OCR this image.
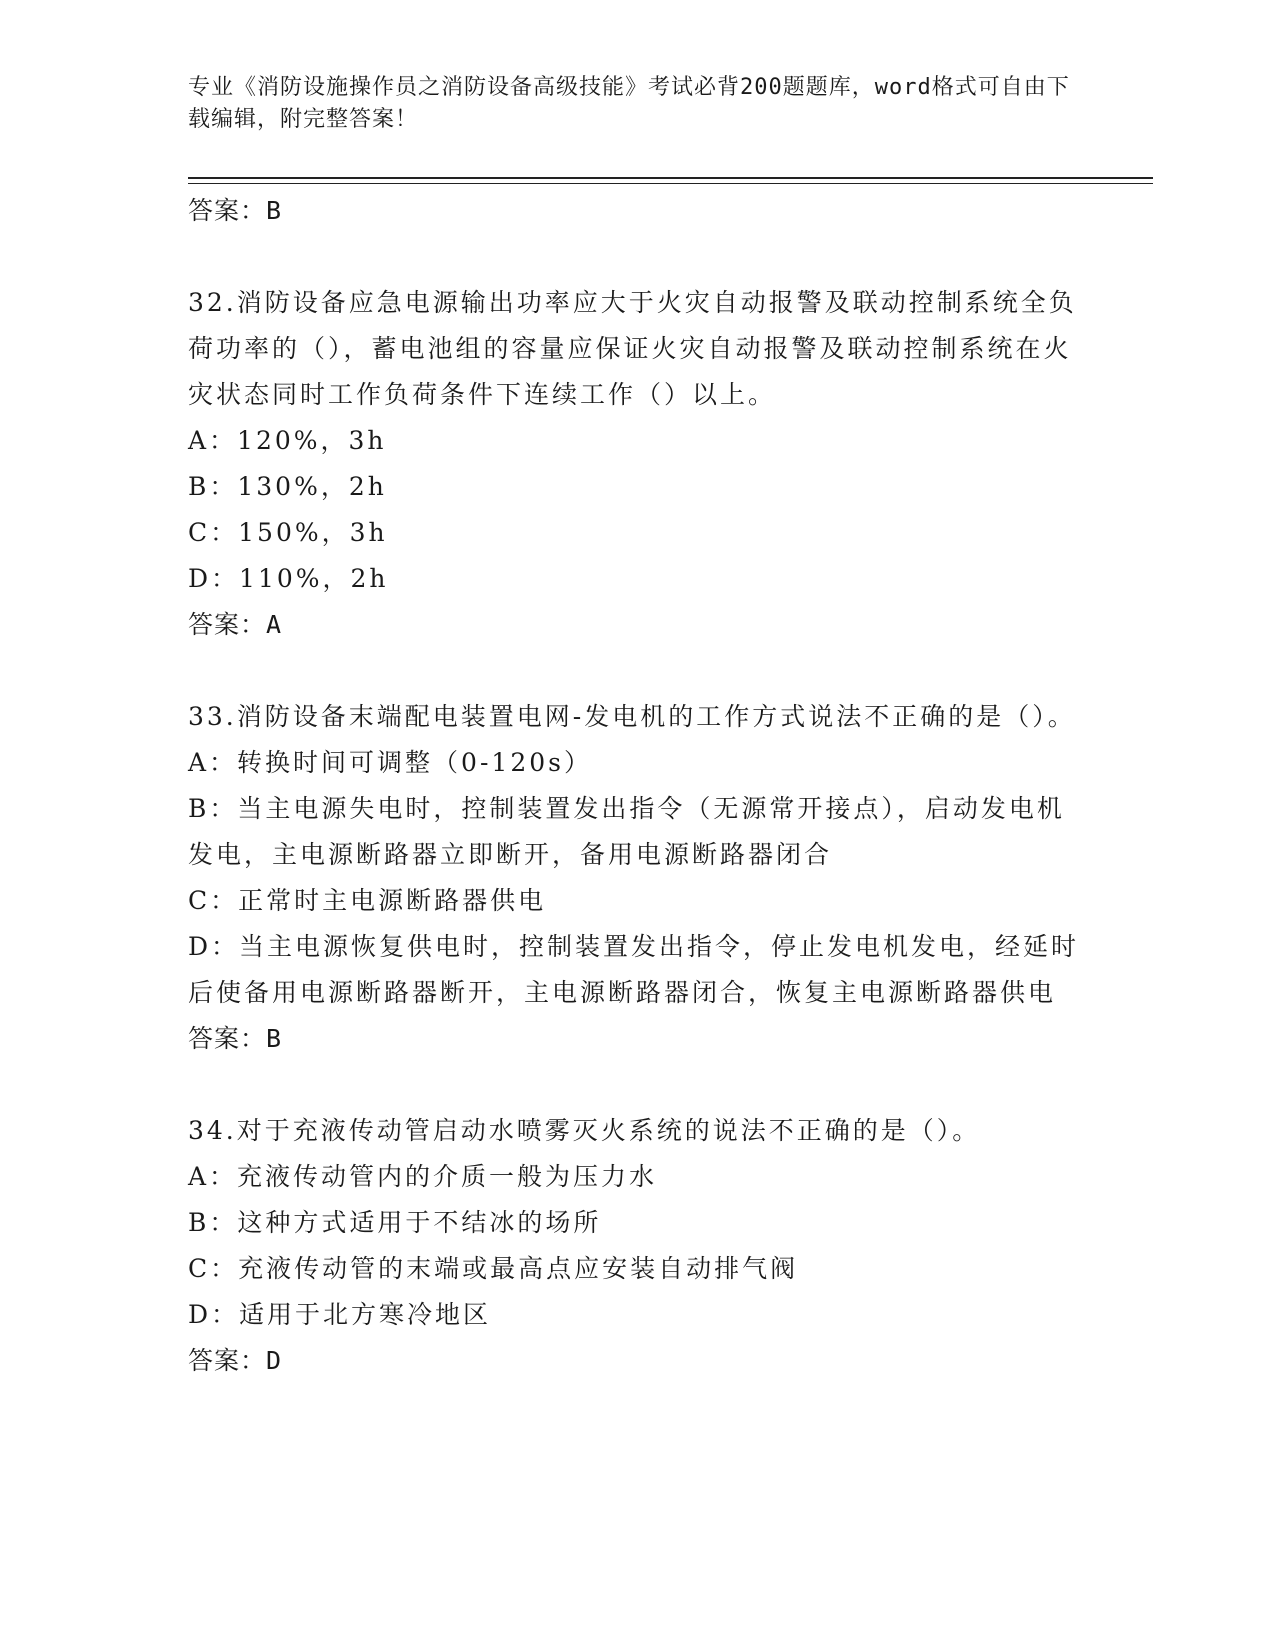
专业《消防设施操作员之消防设备高级技能》考试必背200题题库，word格式可自由下载编辑，附完整答案！
答案：B

32.消防设备应急电源输出功率应大于火灾自动报警及联动控制系统全负荷功率的（），蓄电池组的容量应保证火灾自动报警及联动控制系统在火灾状态同时工作负荷条件下连续工作（）以上。

A：120%，3h

B：130%，2h

C：150%，3h

D：110%，2h

答案：A

33.消防设备末端配电装置电网-发电机的工作方式说法不正确的是（）。

A：转换时间可调整（0-120s）

B：当主电源失电时，控制装置发出指令（无源常开接点），启动发电机发电，主电源断路器立即断开，备用电源断路器闭合

C：正常时主电源断路器供电

D：当主电源恢复供电时，控制装置发出指令，停止发电机发电，经延时后使备用电源断路器断开，主电源断路器闭合，恢复主电源断路器供电

答案：B

34.对于充液传动管启动水喷雾灭火系统的说法不正确的是（）。

A：充液传动管内的介质一般为压力水

B：这种方式适用于不结冰的场所

C：充液传动管的末端或最高点应安装自动排气阀

D：适用于北方寒冷地区

答案：D
